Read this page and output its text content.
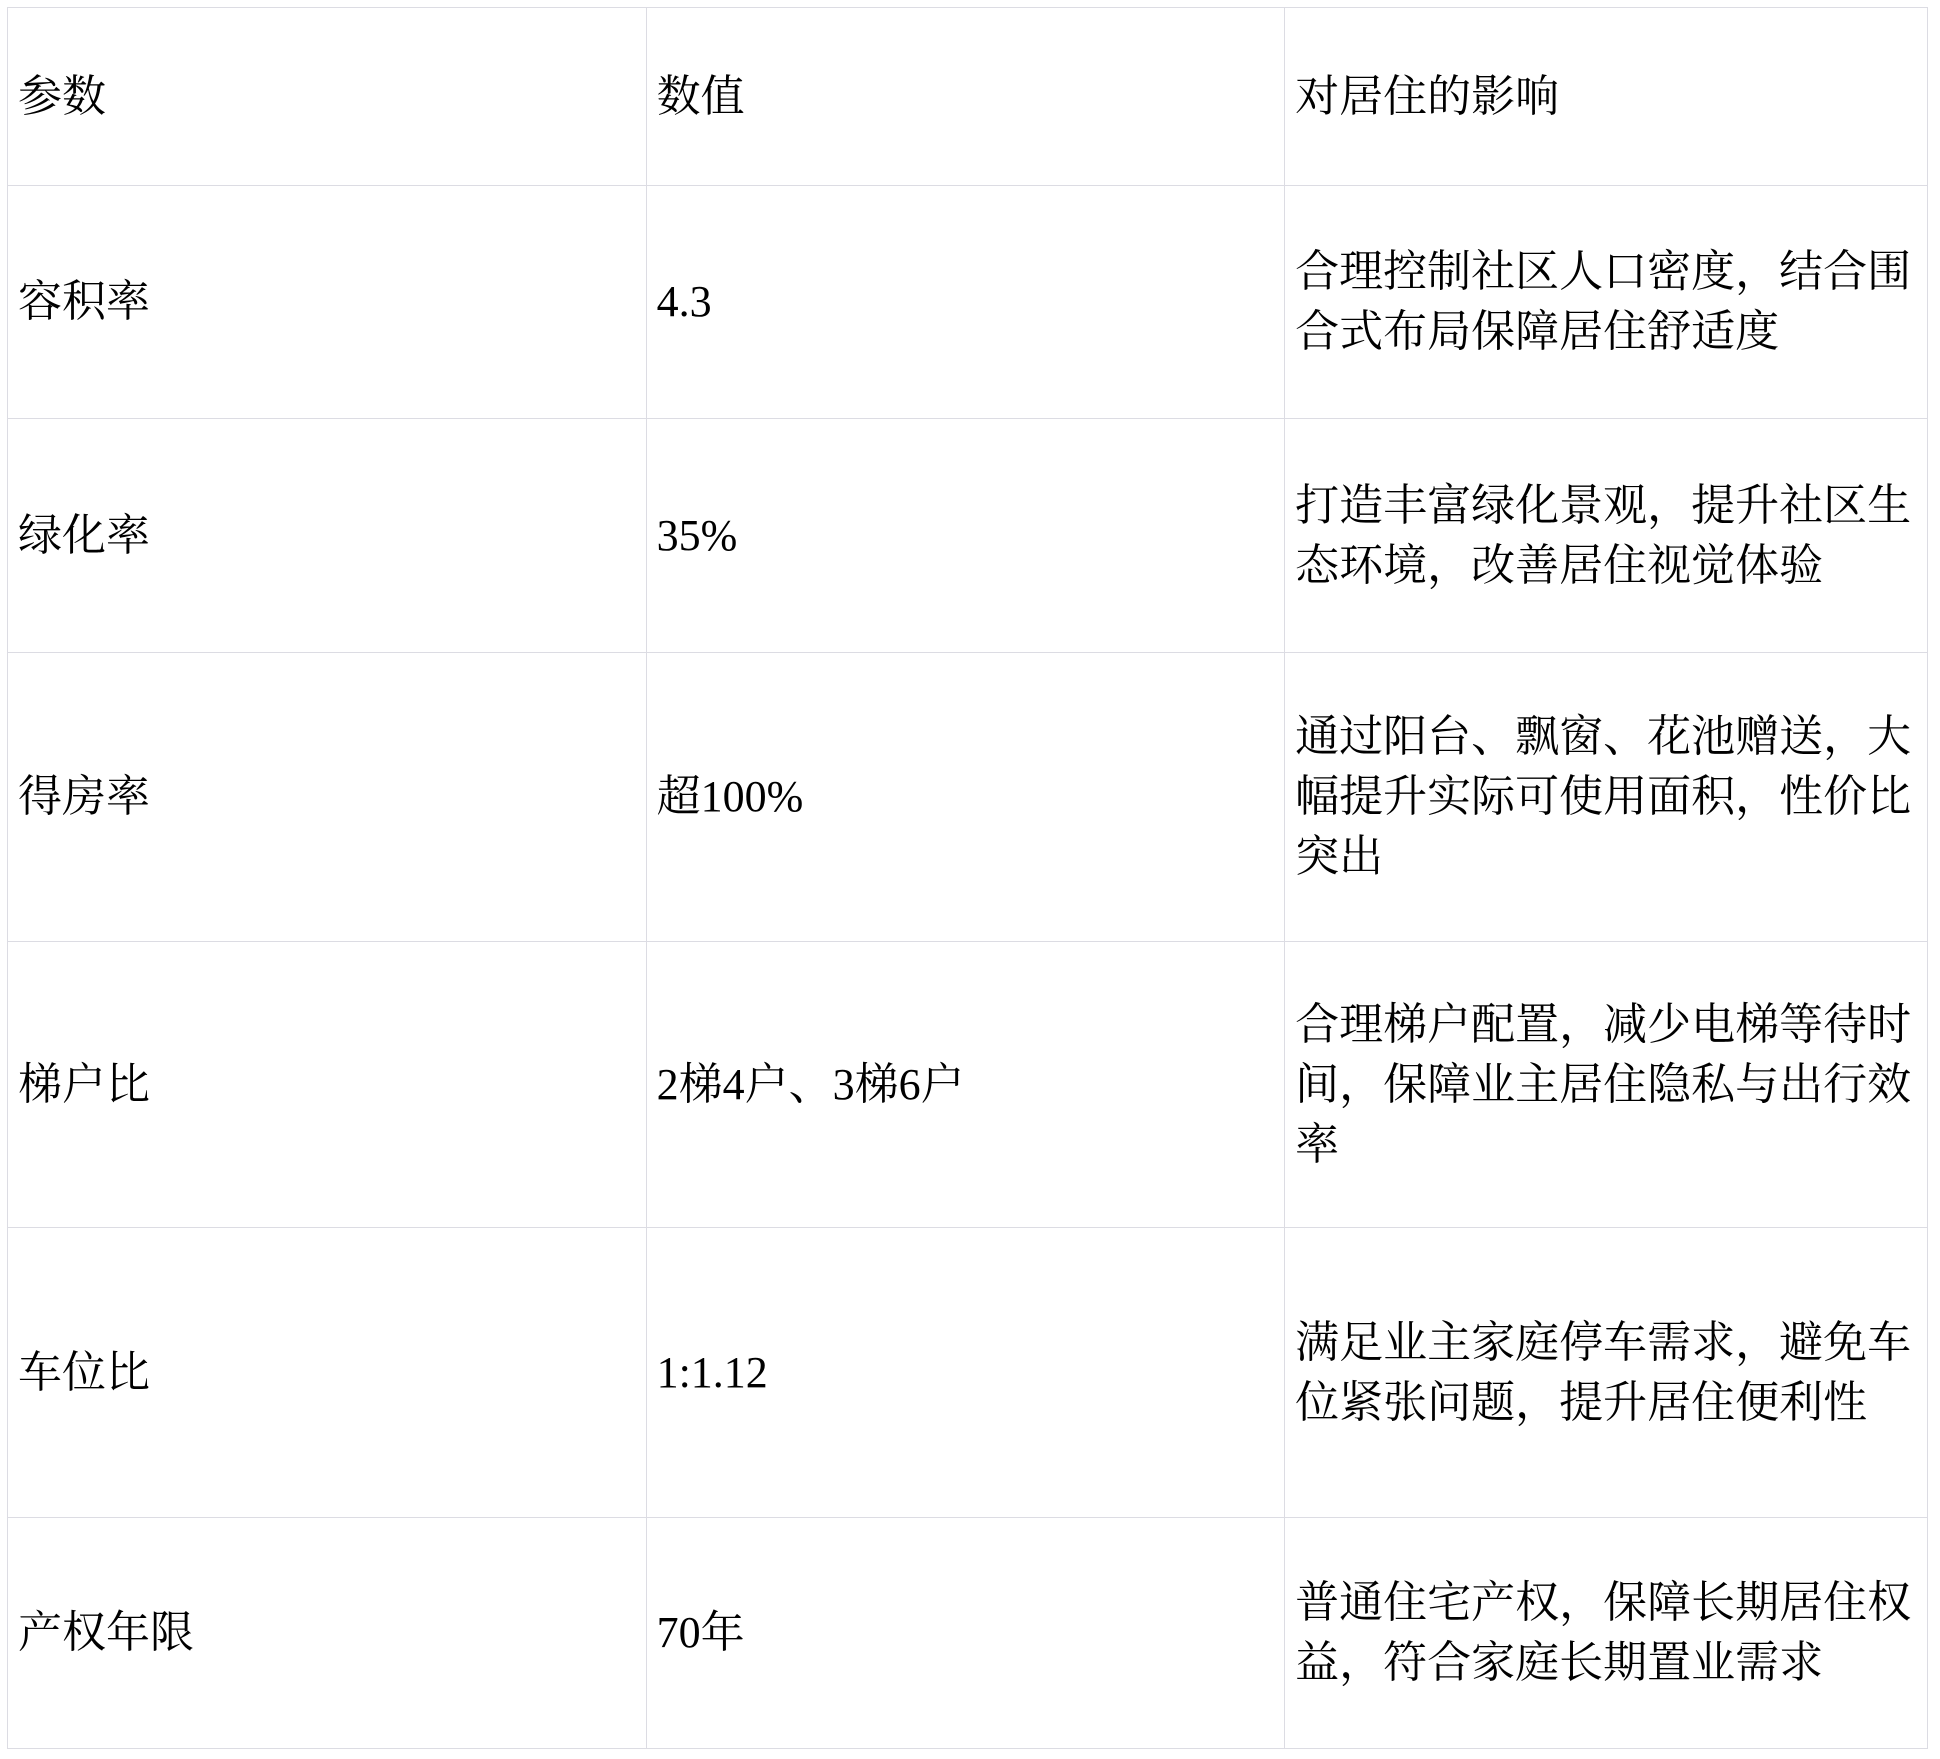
参数	数值	对居住的影响
容积率	4.3	合理控制社区人口密度，结合围合式布局保障居住舒适度
绿化率	35%	打造丰富绿化景观，提升社区生态环境，改善居住视觉体验
得房率	超100%	通过阳台、飘窗、花池赠送，大幅提升实际可使用面积，性价比突出
梯户比	2梯4户、3梯6户	合理梯户配置，减少电梯等待时间，保障业主居住隐私与出行效率
车位比	1:1.12	满足业主家庭停车需求，避免车位紧张问题，提升居住便利性
产权年限	70年	普通住宅产权，保障长期居住权益，符合家庭长期置业需求
